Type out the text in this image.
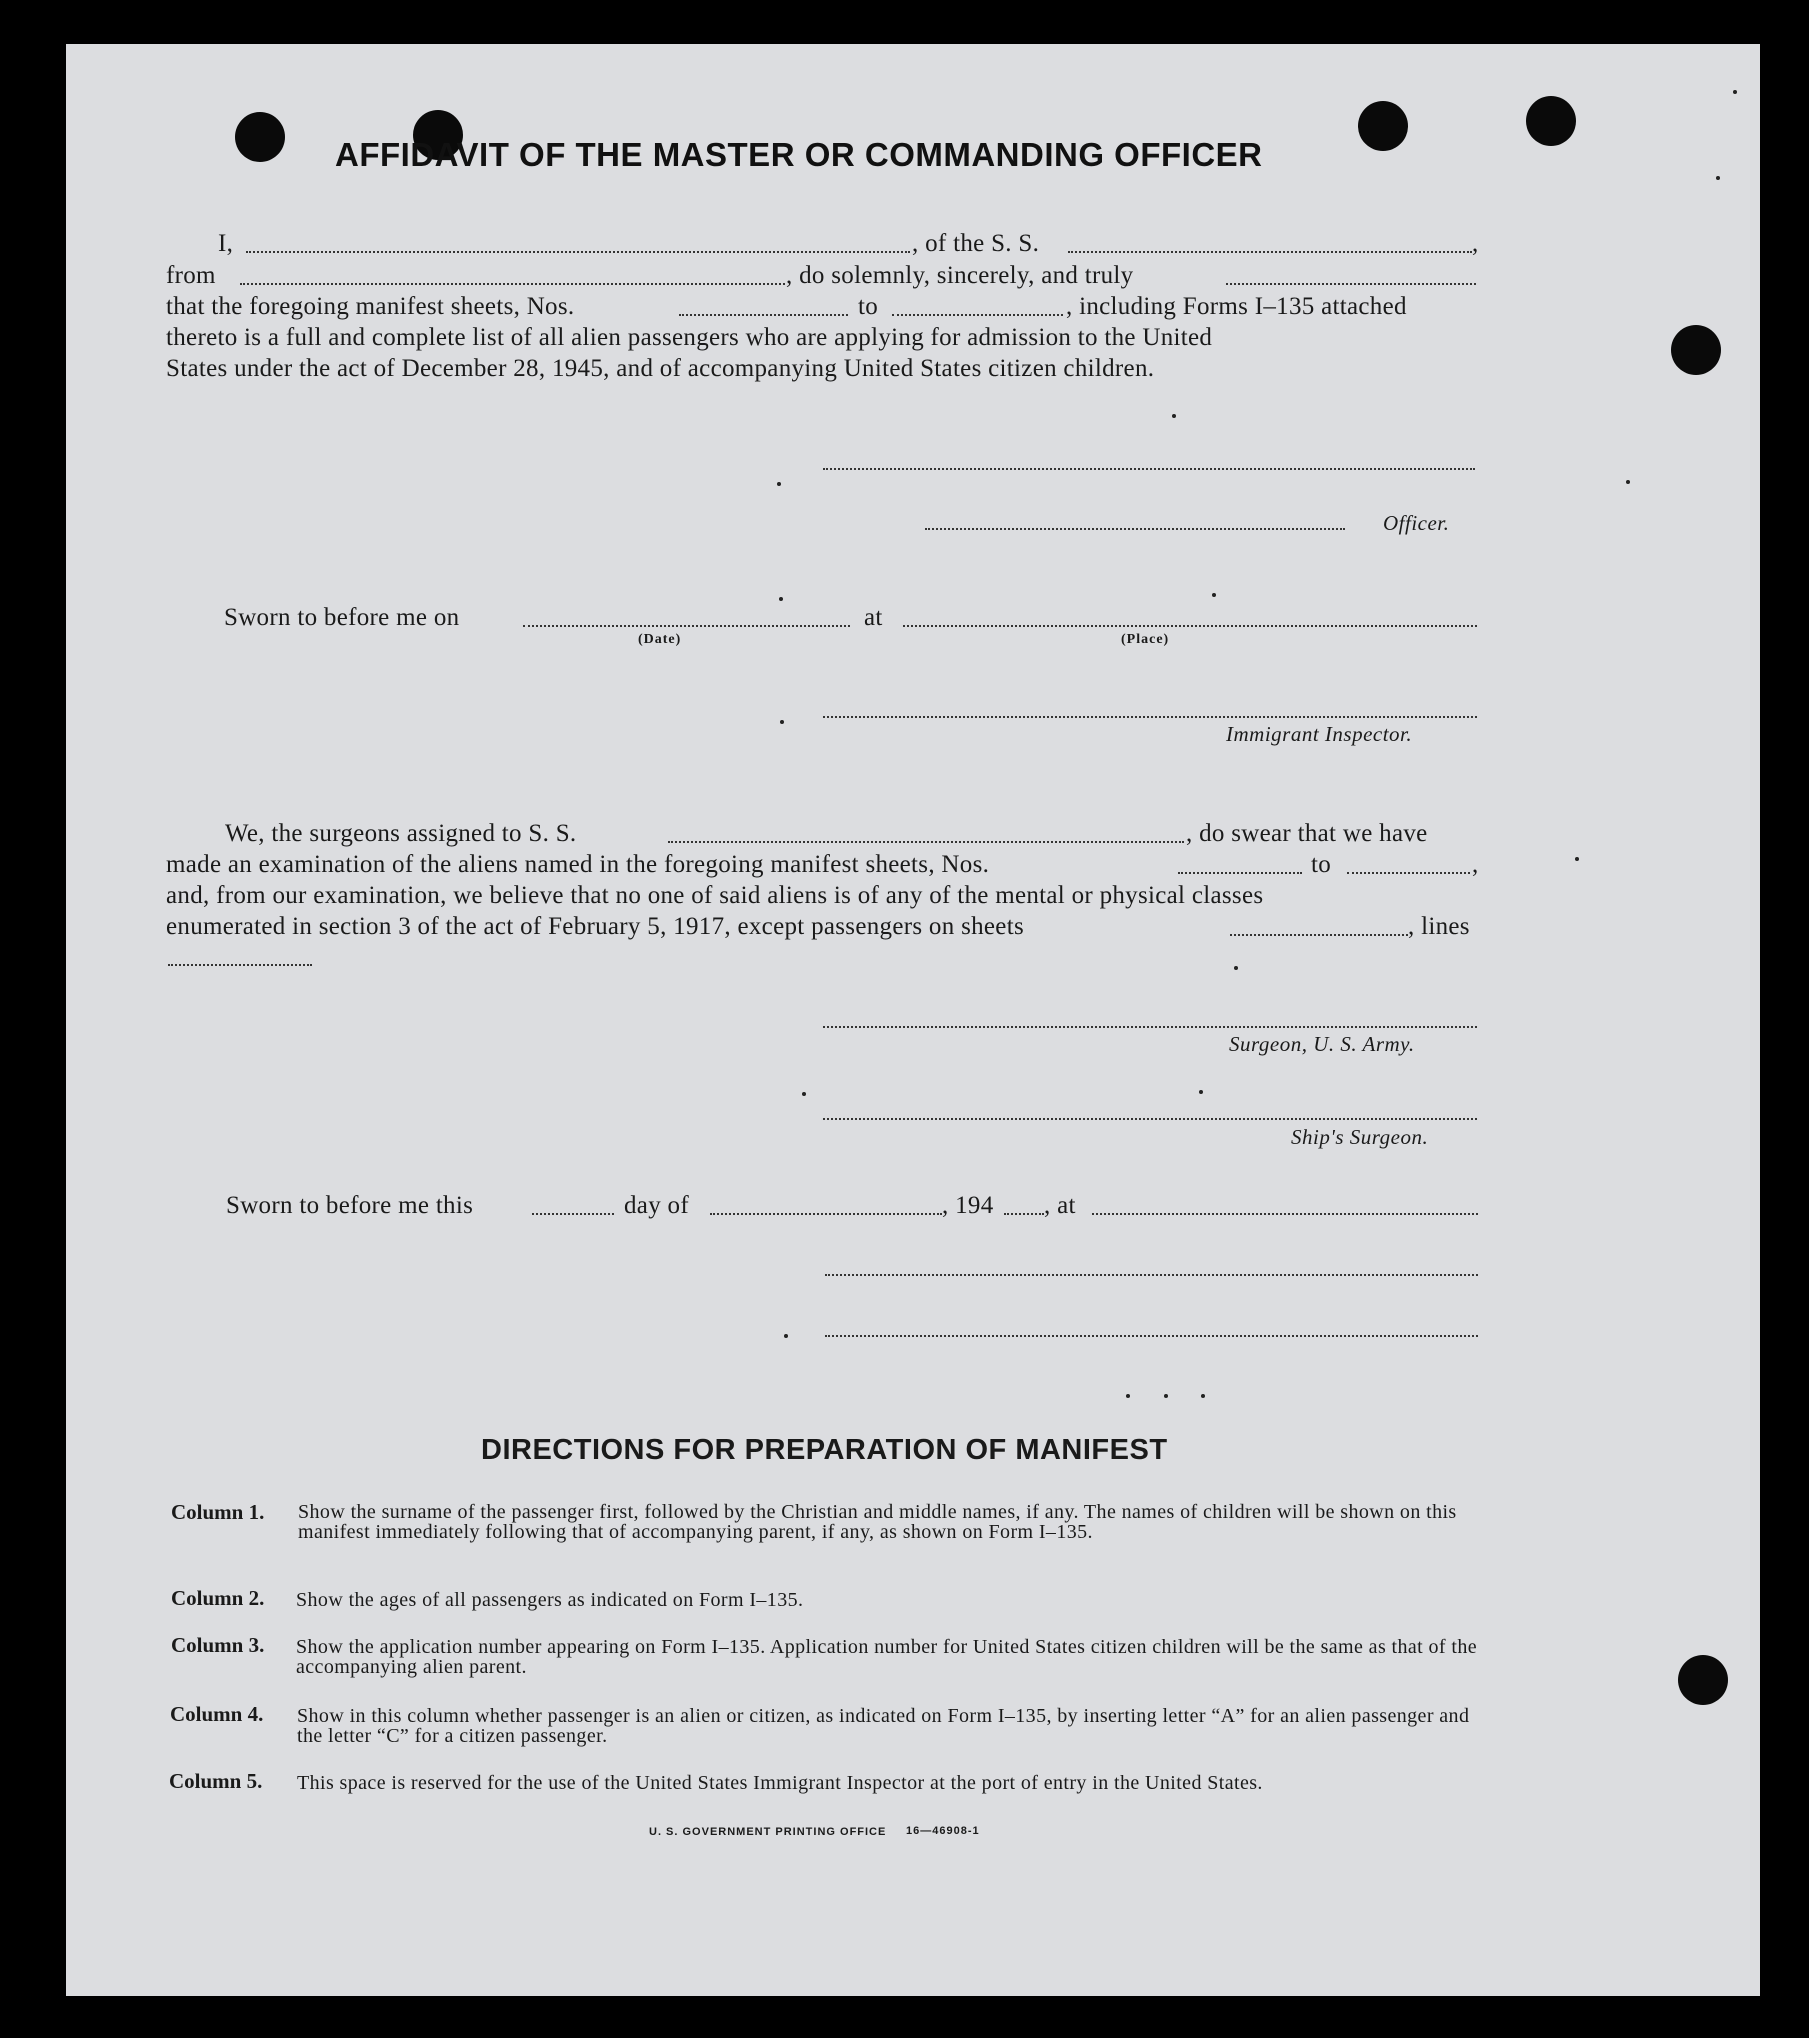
AFFIDAVIT OF THE MASTER OR COMMANDING OFFICER
I,	, of the S. S.	,
from	, do solemnly, sincerely, and truly
that the foregoing manifest sheets, Nos.	to	, including Forms I–135 attached
thereto is a full and complete list of all alien passengers who are applying for admission to the United
States under the act of December 28, 1945, and of accompanying United States citizen children.
Officer.
Sworn to before me on	at
(Date)	(Place)
Immigrant Inspector.
We, the surgeons assigned to S. S.	, do swear that we have
made an examination of the aliens named in the foregoing manifest sheets, Nos.	to	,
and, from our examination, we believe that no one of said aliens is of any of the mental or physical classes
enumerated in section 3 of the act of February 5, 1917, except passengers on sheets	, lines
Surgeon, U. S. Army.
Ship's Surgeon.
Sworn to before me this	day of	, 194 , at
DIRECTIONS FOR PREPARATION OF MANIFEST
Column 1.	Show the surname of the passenger first, followed by the Christian and middle names, if any. The names of children will be shown on this manifest immediately following that of accompanying parent, if any, as shown on Form I–135.
Column 2. Show the ages of all passengers as indicated on Form I–135.
Column 3. Show the application number appearing on Form I–135. Application number for United States citizen children will be the same as that of the accompanying alien parent.
Column 4. Show in this column whether passenger is an alien or citizen, as indicated on Form I–135, by inserting letter “A” for an alien passenger and the letter “C” for a citizen passenger.
Column 5. This space is reserved for the use of the United States Immigrant Inspector at the port of entry in the United States.
U. S. GOVERNMENT PRINTING OFFICE 16—46908-1
